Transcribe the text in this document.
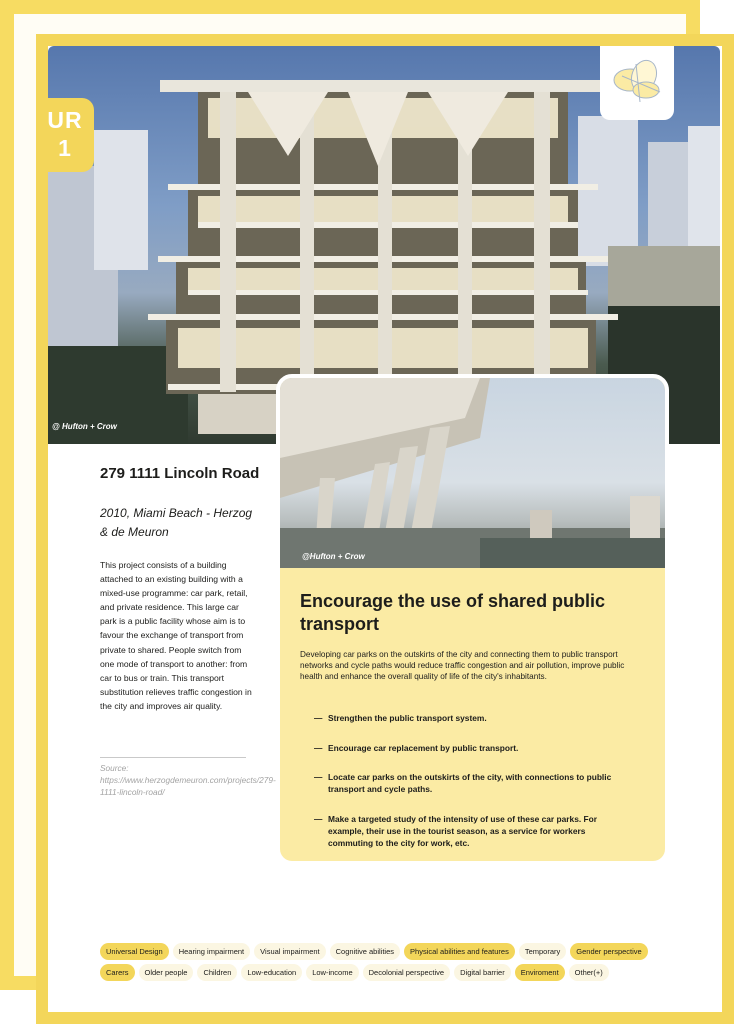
@ Hufton + Crow
UR
1
279 1111 Lincoln Road
2010, Miami Beach - Herzog & de Meuron

This project consists of a building attached to an existing building with a mixed-use programme: car park, retail, and private residence. This large car park is a public facility whose aim is to favour the exchange of transport from private to shared. People switch from one mode of transport to another: from car to bus or train. This transport substitution relieves traffic congestion in the city and improves air quality.

Source: https://www.herzogdemeuron.com/projects/279-1111-lincoln-road/

@Hufton + Crow
Encourage the use of shared public transport

Developing car parks on the outskirts of the city and connecting them to public transport networks and cycle paths would reduce traffic congestion and air pollution, improve public health and enhance the overall quality of life of the city's inhabitants.

— Strengthen the public transport system.
— Encourage car replacement by public transport.
— Locate car parks on the outskirts of the city, with connections to public transport and cycle paths.
— Make a targeted study of the intensity of use of these car parks. For example, their use in the tourist season, as a service for workers commuting to the city for work, etc.
Universal Design	Hearing impairment	Visual impairment	Cognitive abilities	Physical abilities and features	Temporary	Gender perspective
Carers	Older people	Children	Low-education	Low-income	Decolonial perspective	Digital barrier	Enviroment	Other(+)
